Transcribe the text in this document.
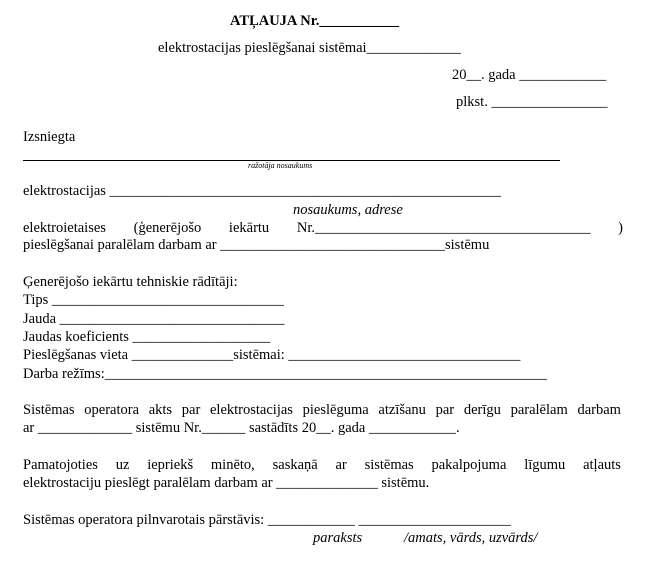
ATĻAUJA Nr.___________
elektrostacijas pieslēgšanai sistēmai_____________
20__. gada ____________
plkst. ________________
Izsniegta
ražotāja nosaukums
elektrostacijas ______________________________________________________
nosaukums, adrese
elektroietaises (ģenerējošo iekārtu Nr.______________________________________ )
pieslēgšanai paralēlam darbam ar _______________________________sistēmu
Ģenerējošo iekārtu tehniskie rādītāji:
Tips ________________________________
Jauda _______________________________
Jaudas koeficients ___________________
Pieslēgšanas vieta ______________sistēmai: ________________________________
Darba režīms:_____________________________________________________________
Sistēmas operatora akts par elektrostacijas pieslēguma atzīšanu par derīgu paralēlam darbam
ar _____________ sistēmu Nr.______ sastādīts 20__. gada ____________.
Pamatojoties uz iepriekš minēto, saskaņā ar sistēmas pakalpojuma līgumu atļauts
elektrostaciju pieslēgt paralēlam darbam ar ______________ sistēmu.
Sistēmas operatora pilnvarotais pārstāvis: ____________ _____________________
paraksts	/amats, vārds, uzvārds/
